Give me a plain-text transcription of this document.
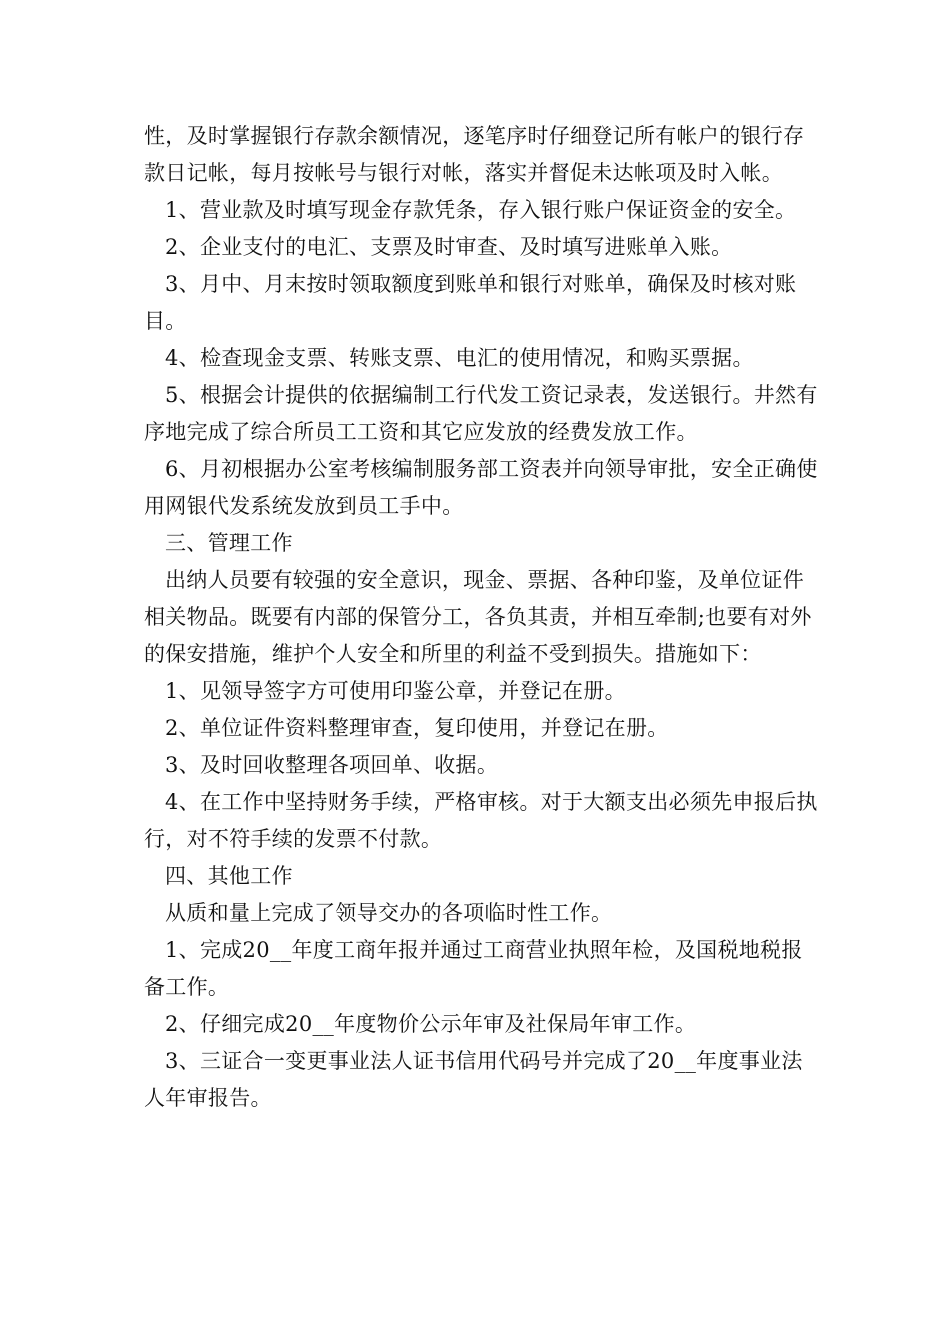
性，及时掌握银行存款余额情况，逐笔序时仔细登记所有帐户的银行存款日记帐，每月按帐号与银行对帐，落实并督促未达帐项及时入帐。

1、营业款及时填写现金存款凭条，存入银行账户保证资金的安全。

2、企业支付的电汇、支票及时审查、及时填写进账单入账。

3、月中、月末按时领取额度到账单和银行对账单，确保及时核对账目。

4、检查现金支票、转账支票、电汇的使用情况，和购买票据。

5、根据会计提供的依据编制工行代发工资记录表，发送银行。井然有序地完成了综合所员工工资和其它应发放的经费发放工作。

6、月初根据办公室考核编制服务部工资表并向领导审批，安全正确使用网银代发系统发放到员工手中。

三、管理工作

出纳人员要有较强的安全意识，现金、票据、各种印鉴，及单位证件相关物品。既要有内部的保管分工，各负其责，并相互牵制;也要有对外的保安措施，维护个人安全和所里的利益不受到损失。措施如下：

1、见领导签字方可使用印鉴公章，并登记在册。

2、单位证件资料整理审查，复印使用，并登记在册。

3、及时回收整理各项回单、收据。

4、在工作中坚持财务手续，严格审核。对于大额支出必须先申报后执行，对不符手续的发票不付款。

四、其他工作

从质和量上完成了领导交办的各项临时性工作。

1、完成20__年度工商年报并通过工商营业执照年检，及国税地税报备工作。

2、仔细完成20__年度物价公示年审及社保局年审工作。

3、三证合一变更事业法人证书信用代码号并完成了20__年度事业法人年审报告。
